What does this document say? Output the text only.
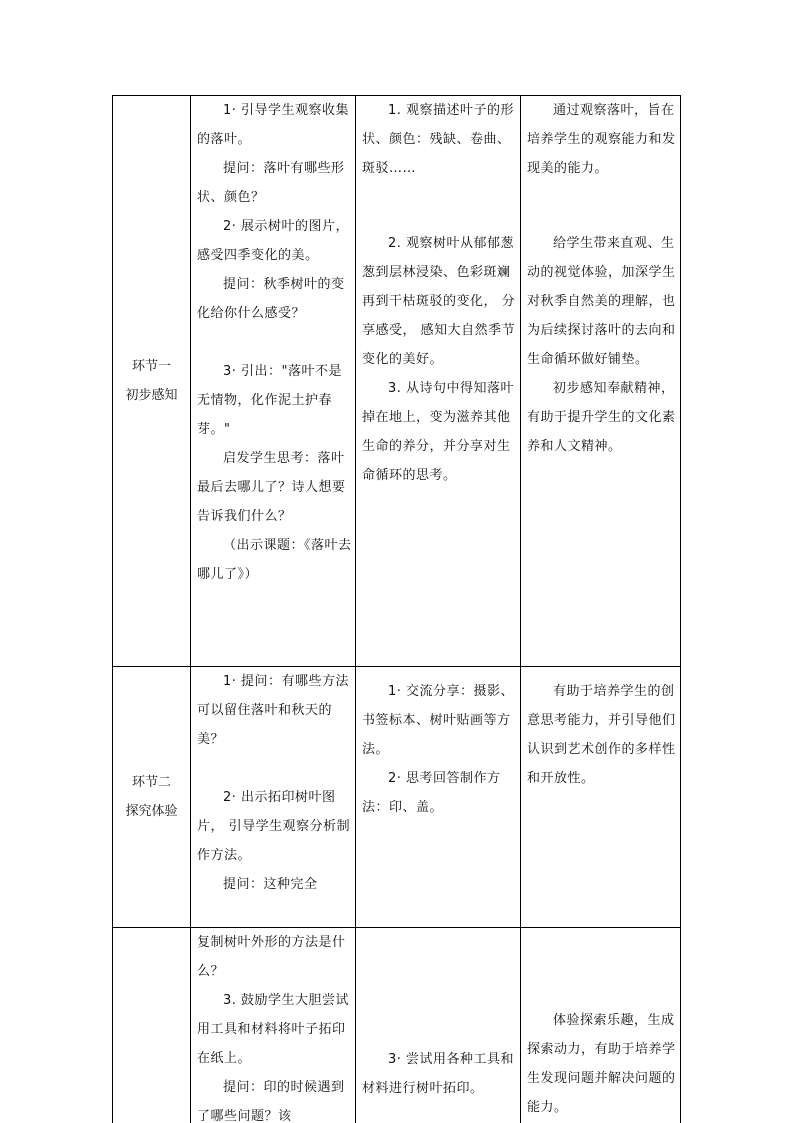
环节一
初步感知

1· 引导学生观察收集的落叶。

提问：落叶有哪些形状、颜色？

2· 展示树叶的图片， 感受四季变化的美。

提问：秋季树叶的变化给你什么感受？

3· 引出："落叶不是无情物，化作泥土护春芽。"

启发学生思考：落叶最后去哪儿了？诗人想要告诉我们什么？

（出示课题：《落叶去哪儿了》）

1. 观察描述叶子的形状、颜色：残缺、卷曲、斑驳……

2. 观察树叶从郁郁葱葱到层林浸染、色彩斑斓再到干枯斑驳的变化， 分享感受， 感知大自然季节变化的美好。

3. 从诗句中得知落叶掉在地上，变为滋养其他生命的养分，并分享对生命循环的思考。

通过观察落叶，旨在培养学生的观察能力和发现美的能力。

给学生带来直观、生动的视觉体验，加深学生对秋季自然美的理解，也为后续探讨落叶的去向和生命循环做好铺垫。

初步感知奉献精神，有助于提升学生的文化素养和人文精神。

环节二
探究体验

1· 提问：有哪些方法可以留住落叶和秋天的美？

2· 出示拓印树叶图片， 引导学生观察分析制作方法。

提问：这种完全

1· 交流分享：摄影、书签标本、树叶贴画等方法。

2· 思考回答制作方法：印、盖。

有助于培养学生的创意思考能力，并引导他们认识到艺术创作的多样性和开放性。

复制树叶外形的方法是什么？

3. 鼓励学生大胆尝试用工具和材料将叶子拓印在纸上。

提问：印的时候遇到了哪些问题？该

3· 尝试用各种工具和材料进行树叶拓印。

体验探索乐趣，生成探索动力，有助于培养学生发现问题并解决问题的能力。
